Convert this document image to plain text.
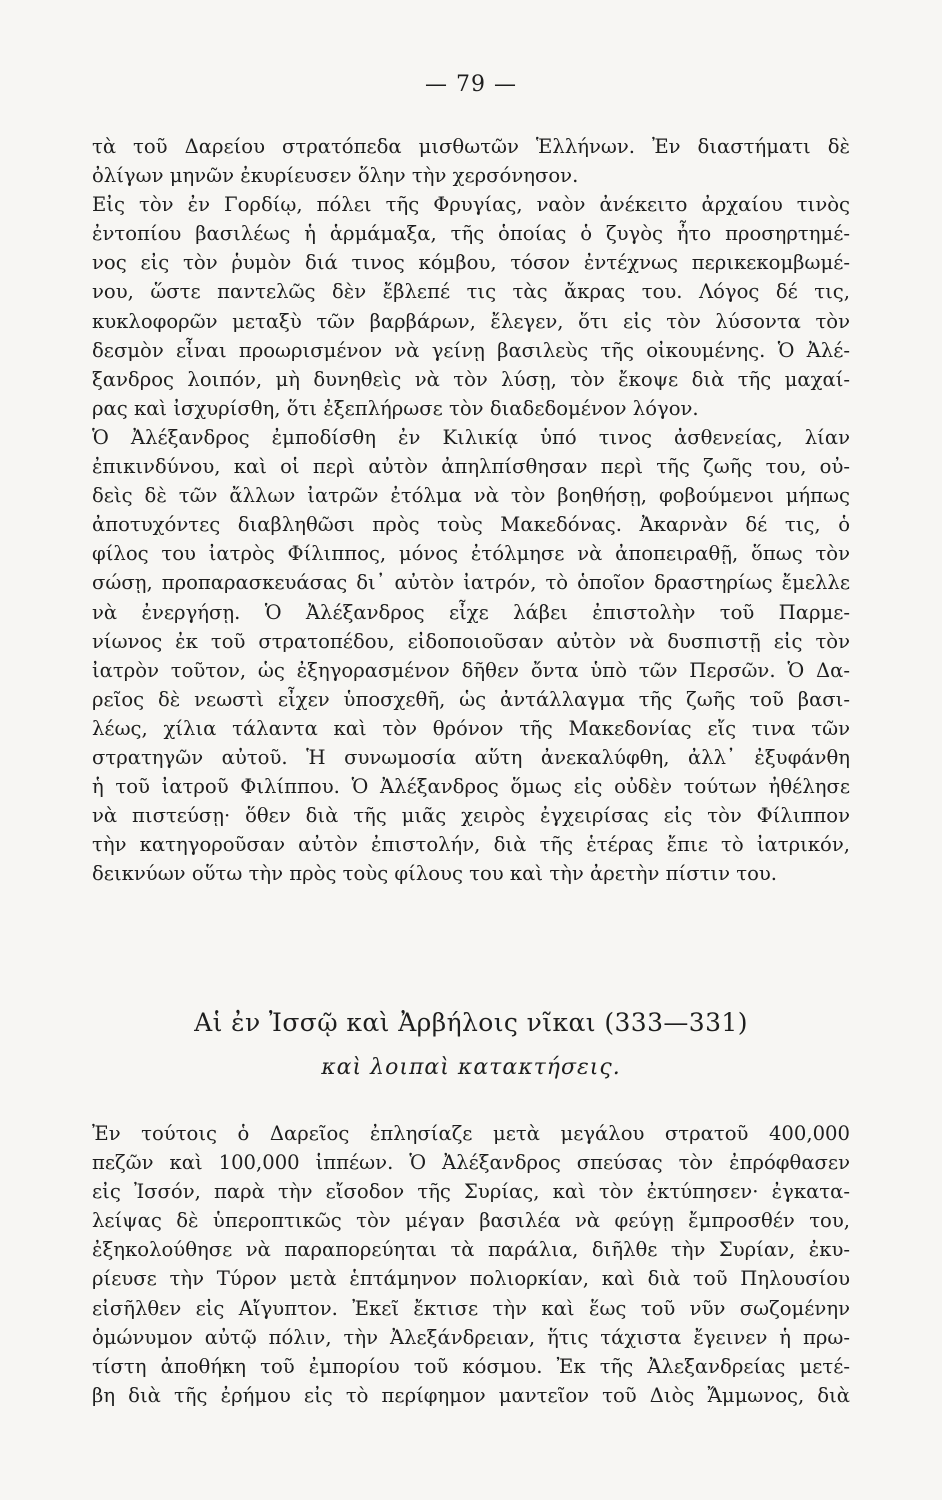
— 79 —
τὰ τοῦ Δαρείου στρατόπεδα μισθωτῶν Ἑλλήνων. Ἐν διαστήματι δὲ
ὀλίγων μηνῶν ἐκυρίευσεν ὅλην τὴν χερσόνησον.
Εἰς τὸν ἐν Γορδίῳ, πόλει τῆς Φρυγίας, ναὸν ἀνέκειτο ἀρχαίου τινὸς
ἐντοπίου βασιλέως ἡ ἁρμάμαξα, τῆς ὁποίας ὁ ζυγὸς ἦτο προσηρτημέ-
νος εἰς τὸν ῥυμὸν διά τινος κόμβου, τόσον ἐντέχνως περικεκομβωμέ-
νου, ὥστε παντελῶς δὲν ἔβλεπέ τις τὰς ἄκρας του. Λόγος δέ τις,
κυκλοφορῶν μεταξὺ τῶν βαρβάρων, ἔλεγεν, ὅτι εἰς τὸν λύσοντα τὸν
δεσμὸν εἶναι προωρισμένον νὰ γείνῃ βασιλεὺς τῆς οἰκουμένης. Ὁ Ἀλέ-
ξανδρος λοιπόν, μὴ δυνηθεὶς νὰ τὸν λύσῃ, τὸν ἔκοψε διὰ τῆς μαχαί-
ρας καὶ ἰσχυρίσθη, ὅτι ἐξεπλήρωσε τὸν διαδεδομένον λόγον.
Ὁ Ἀλέξανδρος ἐμποδίσθη ἐν Κιλικίᾳ ὑπό τινος ἀσθενείας, λίαν
ἐπικινδύνου, καὶ οἱ περὶ αὐτὸν ἀπηλπίσθησαν περὶ τῆς ζωῆς του, οὐ-
δεὶς δὲ τῶν ἄλλων ἰατρῶν ἐτόλμα νὰ τὸν βοηθήσῃ, φοβούμενοι μήπως
ἀποτυχόντες διαβληθῶσι πρὸς τοὺς Μακεδόνας. Ἀκαρνὰν δέ τις, ὁ
φίλος του ἰατρὸς Φίλιππος, μόνος ἐτόλμησε νὰ ἀποπειραθῇ, ὅπως τὸν
σώσῃ, προπαρασκευάσας δι᾽ αὐτὸν ἰατρόν, τὸ ὁποῖον δραστηρίως ἔμελλε
νὰ ἐνεργήσῃ. Ὁ Ἀλέξανδρος εἶχε λάβει ἐπιστολὴν τοῦ Παρμε-
νίωνος ἐκ τοῦ στρατοπέδου, εἰδοποιοῦσαν αὐτὸν νὰ δυσπιστῇ εἰς τὸν
ἰατρὸν τοῦτον, ὡς ἐξηγορασμένον δῆθεν ὄντα ὑπὸ τῶν Περσῶν. Ὁ Δα-
ρεῖος δὲ νεωστὶ εἶχεν ὑποσχεθῆ, ὡς ἀντάλλαγμα τῆς ζωῆς τοῦ βασι-
λέως, χίλια τάλαντα καὶ τὸν θρόνον τῆς Μακεδονίας εἴς τινα τῶν
στρατηγῶν αὐτοῦ. Ἡ συνωμοσία αὕτη ἀνεκαλύφθη, ἀλλ᾽ ἐξυφάνθη
ἡ τοῦ ἰατροῦ Φιλίππου. Ὁ Ἀλέξανδρος ὅμως εἰς οὐδὲν τούτων ἠθέλησε
νὰ πιστεύσῃ· ὅθεν διὰ τῆς μιᾶς χειρὸς ἐγχειρίσας εἰς τὸν Φίλιππον
τὴν κατηγοροῦσαν αὐτὸν ἐπιστολήν, διὰ τῆς ἑτέρας ἔπιε τὸ ἰατρικόν,
δεικνύων οὕτω τὴν πρὸς τοὺς φίλους του καὶ τὴν ἀρετὴν πίστιν του.
Αἱ ἐν Ἰσσῷ καὶ Ἀρβήλοις νῖκαι (333—331)
καὶ λοιπαὶ κατακτήσεις.
Ἐν τούτοις ὁ Δαρεῖος ἐπλησίαζε μετὰ μεγάλου στρατοῦ 400,000
πεζῶν καὶ 100,000 ἱππέων. Ὁ Ἀλέξανδρος σπεύσας τὸν ἐπρόφθασεν
εἰς Ἰσσόν, παρὰ τὴν εἴσοδον τῆς Συρίας, καὶ τὸν ἐκτύπησεν· ἐγκατα-
λείψας δὲ ὑπεροπτικῶς τὸν μέγαν βασιλέα νὰ φεύγῃ ἔμπροσθέν του,
ἐξηκολούθησε νὰ παραπορεύηται τὰ παράλια, διῆλθε τὴν Συρίαν, ἐκυ-
ρίευσε τὴν Τύρον μετὰ ἑπτάμηνον πολιορκίαν, καὶ διὰ τοῦ Πηλουσίου
εἰσῆλθεν εἰς Αἴγυπτον. Ἐκεῖ ἔκτισε τὴν καὶ ἕως τοῦ νῦν σωζομένην
ὁμώνυμον αὐτῷ πόλιν, τὴν Ἀλεξάνδρειαν, ἥτις τάχιστα ἔγεινεν ἡ πρω-
τίστη ἀποθήκη τοῦ ἐμπορίου τοῦ κόσμου. Ἐκ τῆς Ἀλεξανδρείας μετέ-
βη διὰ τῆς ἐρήμου εἰς τὸ περίφημον μαντεῖον τοῦ Διὸς Ἄμμωνος, διὰ
